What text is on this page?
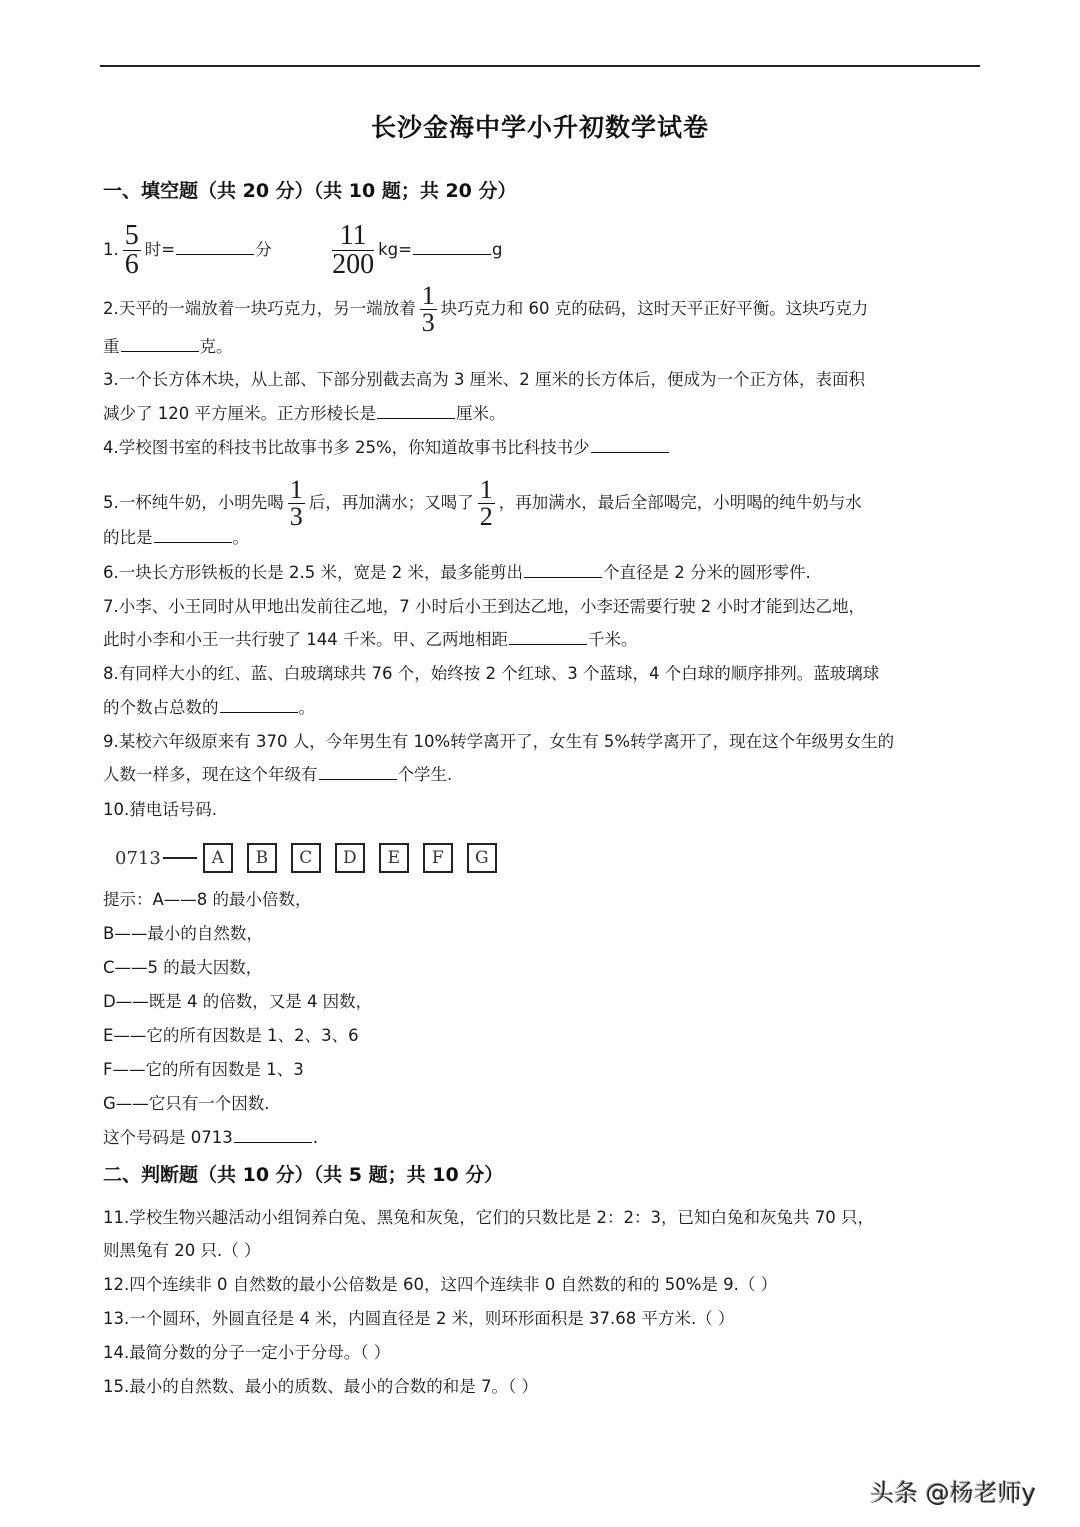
长沙金海中学小升初数学试卷
一、填空题（共 20 分）（共 10 题；共 20 分）
1. $\frac{5}{6}$ 时=	分 $\frac{11}{200} kg=$	g
2.天平的一端放着一块巧克力，另一端放着 $\frac{1}{3}$ 块巧克力和 60 克的砝码，这时天平正好平衡。这块巧克力
重	克。
3.一个长方体木块，从上部、下部分别截去高为 3 厘米、2 厘米的长方体后，便成为一个正方体，表面积
减少了 120 平方厘米。正方形棱长是	厘米。
4.学校图书室的科技书比故事书多 25%，你知道故事书比科技书少
5.一杯纯牛奶，小明先喝 $\frac{1}{3}$ 后，再加满水；又喝了 $\frac{1}{2}$ ，再加满水，最后全部喝完，小明喝的纯牛奶与水
的比是	。
6.一块长方形铁板的长是 2.5 米，宽是 2 米，最多能剪出	个直径是 2 分米的圆形零件.
7.小李、小王同时从甲地出发前往乙地，7 小时后小王到达乙地，小李还需要行驶 2 小时才能到达乙地，
此时小李和小王一共行驶了 144 千米。甲、乙两地相距	千米。
8.有同样大小的红、蓝、白玻璃球共 76 个，始终按 2 个红球、3 个蓝球，4 个白球的顺序排列。蓝玻璃球
的个数占总数的	。
9.某校六年级原来有 370 人，今年男生有 10%转学离开了，女生有 5%转学离开了，现在这个年级男女生的
人数一样多，现在这个年级有	个学生.
10.猜电话号码.
0713	A	B	C	D	E	F	G
提示：A——8 的最小倍数，
B——最小的自然数，
C——5 的最大因数，
D——既是 4 的倍数，又是 4 因数，
E——它的所有因数是 1、2、3、6
F——它的所有因数是 1、3
G——它只有一个因数.
这个号码是 0713	.
二、判断题（共 10 分）（共 5 题；共 10 分）
11.学校生物兴趣活动小组饲养白兔、黑兔和灰兔，它们的只数比是 2：2：3，已知白兔和灰兔共 70 只，
则黑兔有 20 只.（ ）
12.四个连续非 0 自然数的最小公倍数是 60，这四个连续非 0 自然数的和的 50%是 9.（ ）
13.一个圆环，外圆直径是 4 米，内圆直径是 2 米，则环形面积是 37.68 平方米.（ ）
14.最简分数的分子一定小于分母。（ ）
15.最小的自然数、最小的质数、最小的合数的和是 7。（ ）
头条 @杨老师y
